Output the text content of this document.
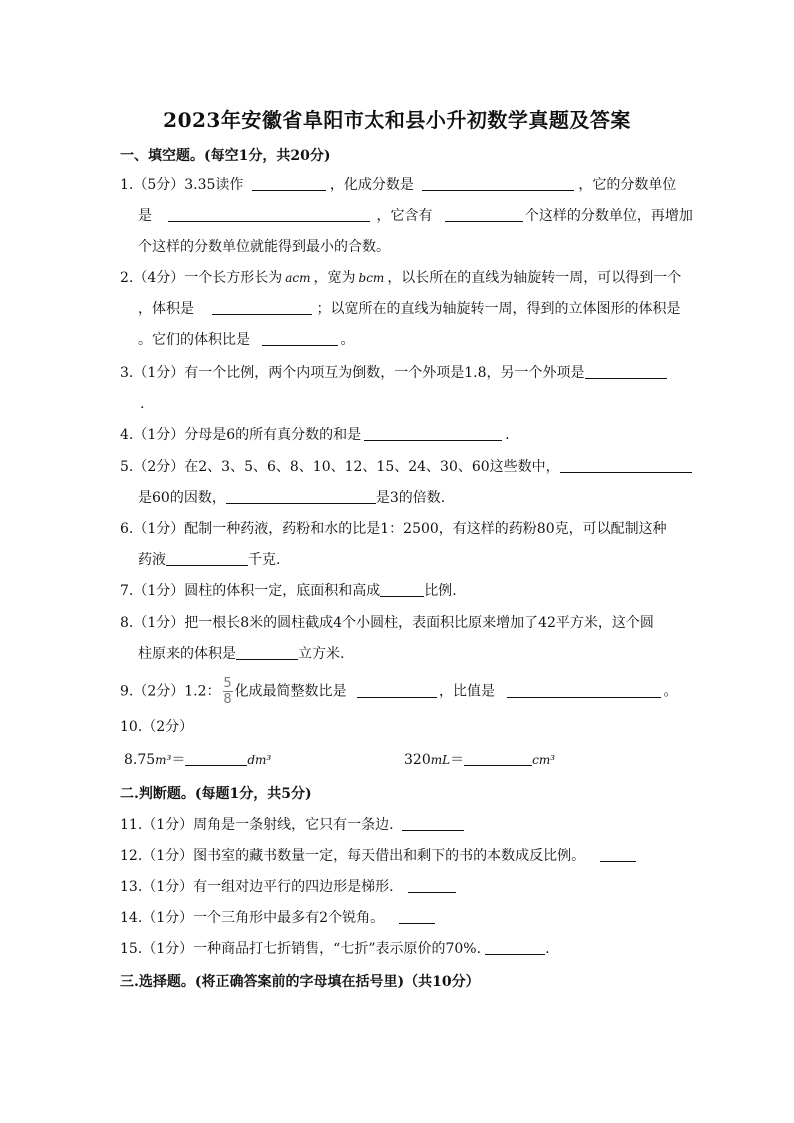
2023年安徽省阜阳市太和县小升初数学真题及答案
一、填空题。(每空1分，共20分)
1.（5分）3.35读作	，化成分数是	，它的分数单位
是	，它含有	个这样的分数单位，再增加
个这样的分数单位就能得到最小的合数。
2.（4分）一个长方形长为 acm ，宽为 bcm ，以长所在的直线为轴旋转一周，可以得到一个
，体积是	；以宽所在的直线为轴旋转一周，得到的立体图形的体积是
。它们的体积比是	。
3.（1分）有一个比例，两个内项互为倒数，一个外项是1.8，另一个外项是
.
4.（1分）分母是6的所有真分数的和是	.
5.（2分）在2、3、5、6、8、10、12、15、24、30、60这些数中，
是60的因数，	是3的倍数.
6.（1分）配制一种药液，药粉和水的比是1：2500，有这样的药粉80克，可以配制这种
药液	千克.
7.（1分）圆柱的体积一定，底面积和高成	比例.
8.（1分）把一根长8米的圆柱截成4个小圆柱，表面积比原来增加了42平方米，这个圆
柱原来的体积是	立方米.
9.（2分）1.2： $\frac{5}{8}$ 化成最简整数比是	，比值是	。
10.（2分）
8.75m³＝	dm³	320mL＝	cm³
二.判断题。(每题1分，共5分)
11.（1分）周角是一条射线，它只有一条边.
12.（1分）图书室的藏书数量一定，每天借出和剩下的书的本数成反比例。
13.（1分）有一组对边平行的四边形是梯形.
14.（1分）一个三角形中最多有2个锐角。
15.（1分）一种商品打七折销售，“七折”表示原价的70%.	.
三.选择题。(将正确答案前的字母填在括号里)（共10分）
